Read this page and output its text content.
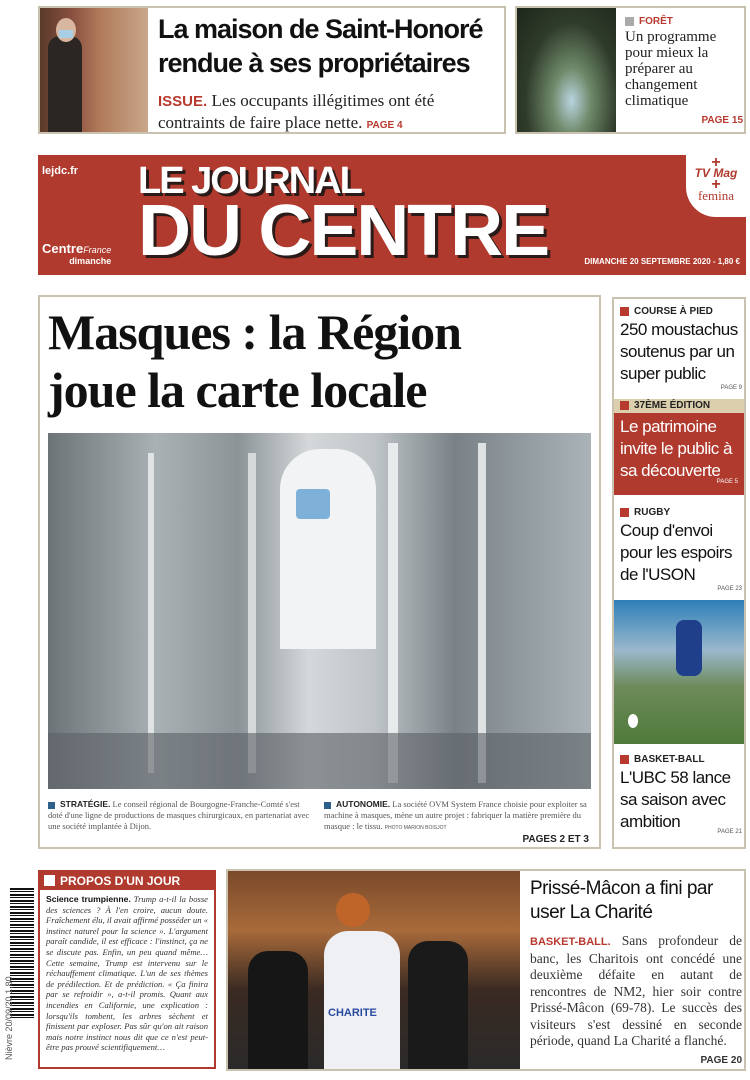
La maison de Saint-Honoré
rendue à ses propriétaires
ISSUE. Les occupants illégitimes ont été contraints de faire place nette. PAGE 4
FORÊT
Un programme pour mieux la préparer au changement climatique
PAGE 15
lejdc.fr LE JOURNAL
DU CENTRE
CentreFrance
dimanche	DIMANCHE 20 SEPTEMBRE 2020 - 1,80 €
+
TV Mag
+
femina
Masques : la Région
joue la carte locale
STRATÉGIE. Le conseil régional de Bourgogne-Franche-Comté s'est doté d'une ligne de productions de masques chirurgicaux, en partenariat avec une société implantée à Dijon.
AUTONOMIE. La société OVM System France choisie pour exploiter sa machine à masques, mène un autre projet : fabriquer la matière première du masque : le tissu. PHOTO MARION BOISJOT
PAGES 2 ET 3
COURSE À PIED
250 moustachus soutenus par un super public
PAGE 9
37ÈME ÉDITION
Le patrimoine invite le public à sa découverte
PAGE 5
RUGBY
Coup d'envoi pour les espoirs de l'USON
PAGE 23
BASKET-BALL
L'UBC 58 lance sa saison avec ambition
PAGE 21
Nièvre 20/09/20 1,80
PROPOS D'UN JOUR
Science trumpienne. Trump a-t-il la bosse des sciences ? À l'en croire, aucun doute. Fraîchement élu, il avait affirmé posséder un « instinct naturel pour la science ». L'argument paraît candide, il est efficace : l'instinct, ça ne se discute pas. Enfin, un peu quand même… Cette semaine, Trump est intervenu sur le réchauffement climatique. L'un de ses thèmes de prédilection. Et de prédiction. « Ça finira par se refroidir », a-t-il promis. Quant aux incendies en Californie, une explication : lorsqu'ils tombent, les arbres sèchent et finissent par exploser. Pas sûr qu'on ait raison mais notre instinct nous dit que ce n'est peut-être pas prouvé scientifiquement…
CHARITE
Prissé-Mâcon a fini par user La Charité
BASKET-BALL. Sans profondeur de banc, les Charitois ont concédé une deuxième défaite en autant de rencontres de NM2, hier soir contre Prissé-Mâcon (69-78). Le succès des visiteurs s'est dessiné en seconde période, quand La Charité a flanché.
PAGE 20
